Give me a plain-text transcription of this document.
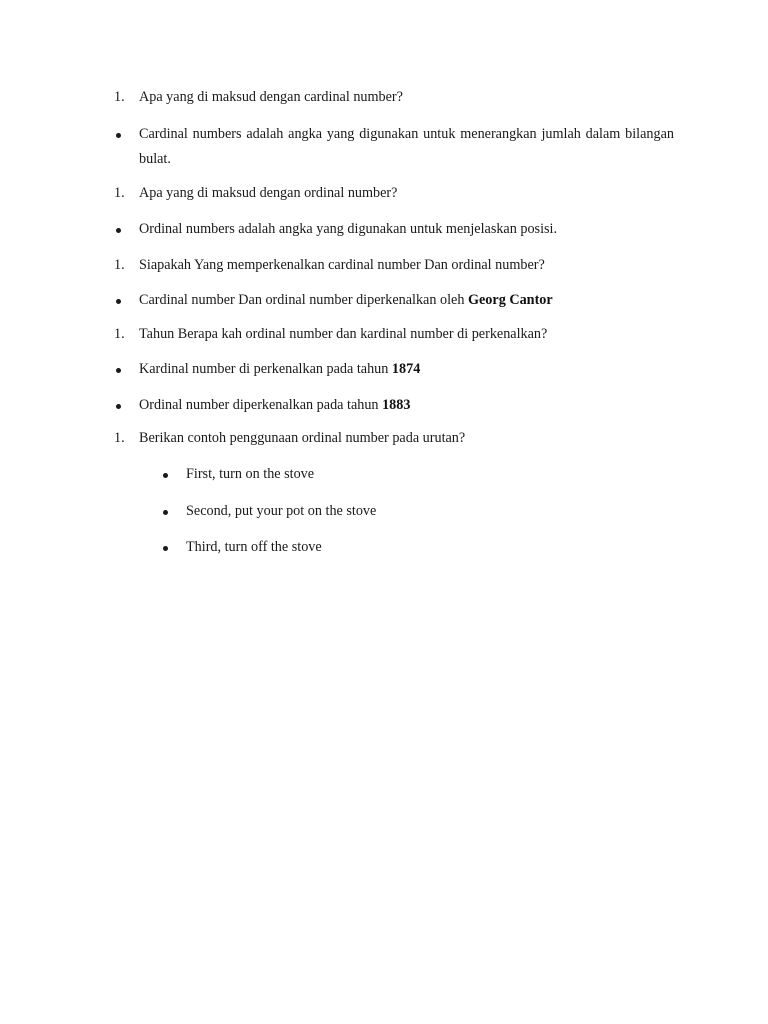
1. Apa yang di maksud dengan cardinal number?
Cardinal numbers adalah angka yang digunakan untuk menerangkan jumlah dalam bilangan bulat.
1. Apa yang di maksud dengan ordinal number?
Ordinal numbers adalah angka yang digunakan untuk menjelaskan posisi.
1. Siapakah Yang memperkenalkan cardinal number Dan ordinal number?
Cardinal number Dan ordinal number diperkenalkan oleh Georg Cantor
1. Tahun Berapa kah ordinal number dan kardinal number di perkenalkan?
Kardinal number di perkenalkan pada tahun 1874
Ordinal number diperkenalkan pada tahun 1883
1. Berikan contoh penggunaan ordinal number pada urutan?
First, turn on the stove
Second, put your pot on the stove
Third, turn off the stove
